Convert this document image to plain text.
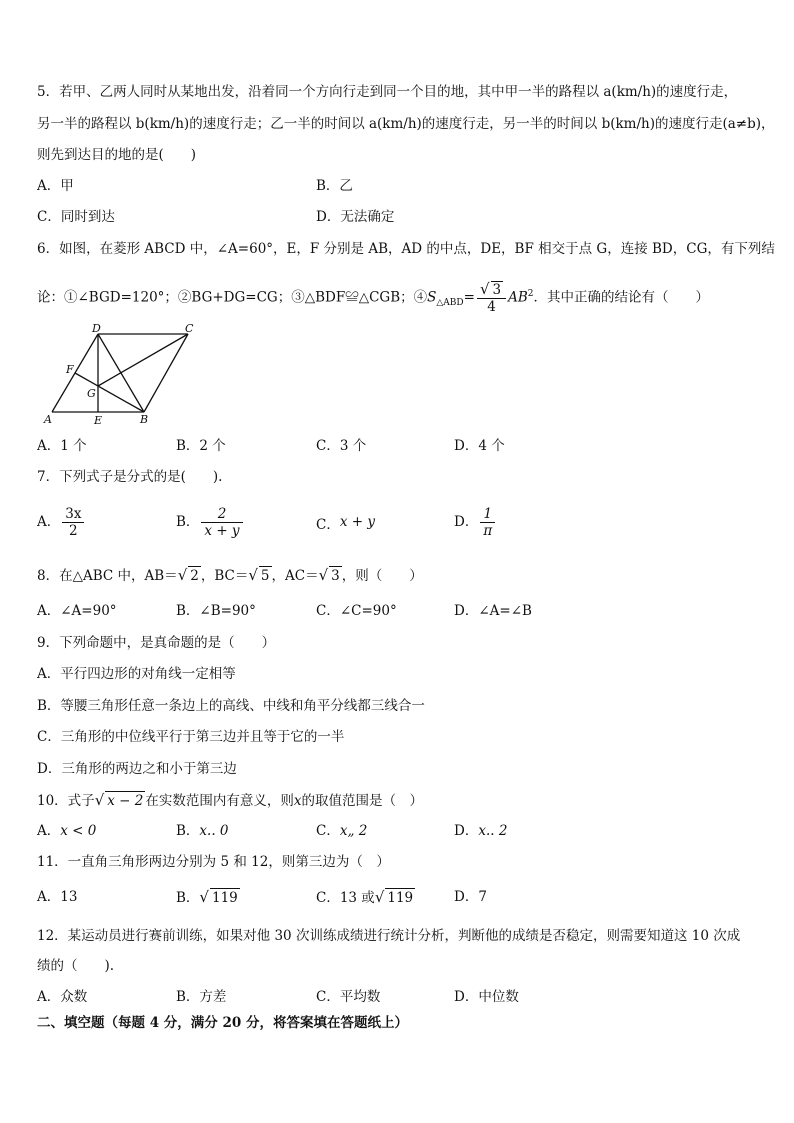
5．若甲、乙两人同时从某地出发，沿着同一个方向行走到同一个目的地，其中甲一半的路程以 a(km/h)的速度行走，
另一半的路程以 b(km/h)的速度行走；乙一半的时间以 a(km/h)的速度行走，另一半的时间以 b(km/h)的速度行走(a≠b)，
则先到达目的地的是(　　)
A．甲	B．乙
C．同时到达	D．无法确定
6．如图，在菱形 ABCD 中，∠A=60°，E，F 分别是 AB，AD 的中点，DE，BF 相交于点 G，连接 BD，CG，有下列结
论：①∠BGD=120°；②BG+DG=CG；③△BDF≌△CGB；$④S_{\triangle ABD}= \frac{√ 3}{4} AB^2$．其中正确的结论有（　　）
A	B
C
D
E
F
G
A．1 个	B．2 个	C．3 个	D．4 个
7．下列式子是分式的是(　　).
A． $\frac{3x}{2}$	B． $\frac{2}{x + y}$	C．x + y	D． $\frac{1}{\pi}$
8．在△ABC 中，AB＝√ 2 ，BC＝√ 5 ，AC＝√ 3 ，则（　　）
A．∠A=90°	B．∠B=90°	C．∠C=90°	D．∠A=∠B
9．下列命题中，是真命题的是（　　）
A．平行四边形的对角线一定相等
B．等腰三角形任意一条边上的高线、中线和角平分线都三线合一
C．三角形的中位线平行于第三边并且等于它的一半
D．三角形的两边之和小于第三边
10．式子√ x − 2 在实数范围内有意义，则x的取值范围是（　）
A．x < 0	B．x.. 0	C．x„ 2	D．x.. 2
11．一直角三角形两边分别为 5 和 12，则第三边为（　）
A．13	B．√ 119	C．13 或√ 119	D．7
12．某运动员进行赛前训练，如果对他 30 次训练成绩进行统计分析，判断他的成绩是否稳定，则需要知道这 10 次成
绩的（　　).
A．众数	B．方差	C．平均数	D．中位数
二、填空题（每题 4 分，满分 20 分，将答案填在答题纸上）
